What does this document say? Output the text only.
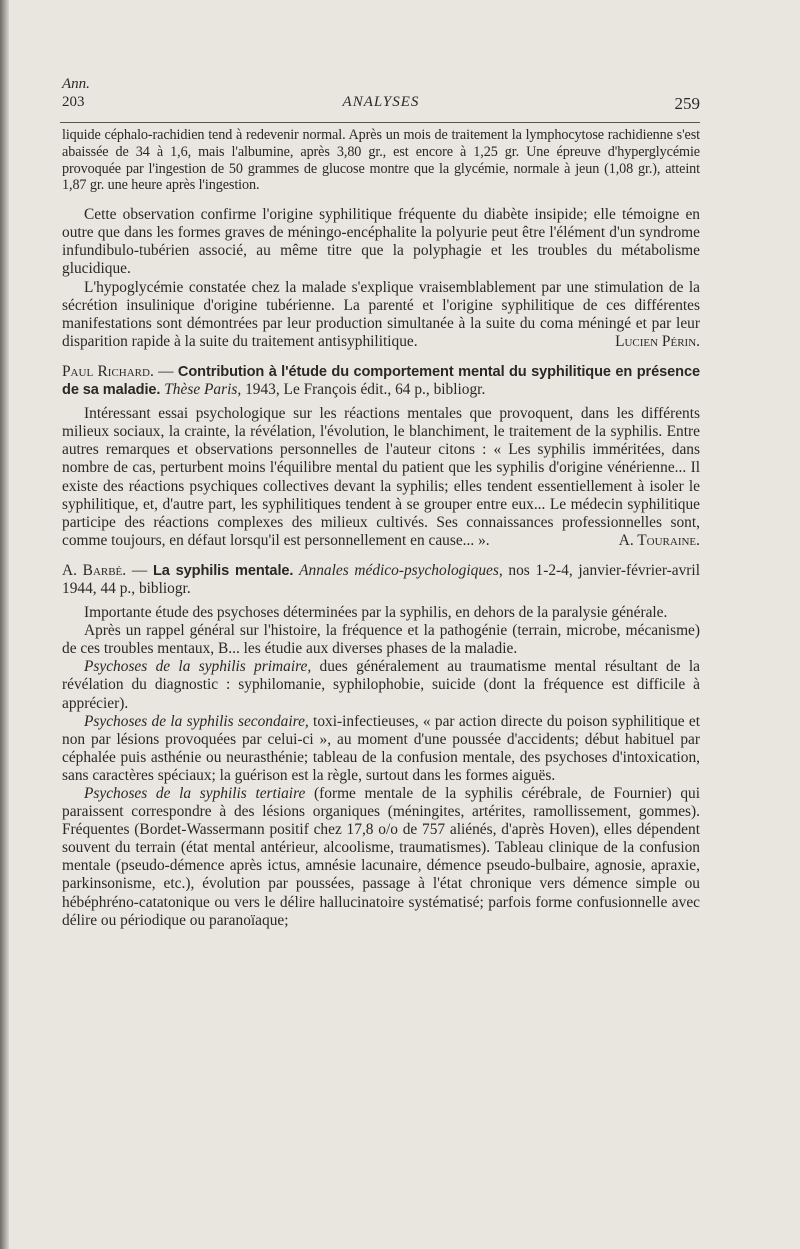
Ann.
203	ANALYSES	259

liquide céphalo-rachidien tend à redevenir normal. Après un mois de traitement la lymphocytose rachidienne s'est abaissée de 34 à 1,6, mais l'albumine, après 3,80 gr., est encore à 1,25 gr. Une épreuve d'hyperglycémie provoquée par l'ingestion de 50 grammes de glucose montre que la glycémie, normale à jeun (1,08 gr.), atteint 1,87 gr. une heure après l'ingestion.

Cette observation confirme l'origine syphilitique fréquente du diabète insipide; elle témoigne en outre que dans les formes graves de méningo-encéphalite la polyurie peut être l'élément d'un syndrome infundibulo-tubérien associé, au même titre que la polyphagie et les troubles du métabolisme glucidique.

L'hypoglycémie constatée chez la malade s'explique vraisemblablement par une stimulation de la sécrétion insulinique d'origine tubérienne. La parenté et l'origine syphilitique de ces différentes manifestations sont démontrées par leur production simultanée à la suite du coma méningé et par leur disparition rapide à la suite du traitement antisyphilitique.	Lucien Périn.

Paul Richard. — Contribution à l'étude du comportement mental du syphilitique en présence de sa maladie. Thèse Paris, 1943, Le François édit., 64 p., bibliogr.

Intéressant essai psychologique sur les réactions mentales que provoquent, dans les différents milieux sociaux, la crainte, la révélation, l'évolution, le blanchiment, le traitement de la syphilis. Entre autres remarques et observations personnelles de l'auteur citons : « Les syphilis imméritées, dans nombre de cas, perturbent moins l'équilibre mental du patient que les syphilis d'origine vénérienne... Il existe des réactions psychiques collectives devant la syphilis; elles tendent essentiellement à isoler le syphilitique, et, d'autre part, les syphilitiques tendent à se grouper entre eux... Le médecin syphilitique participe des réactions complexes des milieux cultivés. Ses connaissances professionnelles sont, comme toujours, en défaut lorsqu'il est personnellement en cause... ».	A. Touraine.

A. Barbé. — La syphilis mentale. Annales médico-psychologiques, nos 1-2-4, janvier-février-avril 1944, 44 p., bibliogr.

Importante étude des psychoses déterminées par la syphilis, en dehors de la paralysie générale.

Après un rappel général sur l'histoire, la fréquence et la pathogénie (terrain, microbe, mécanisme) de ces troubles mentaux, B... les étudie aux diverses phases de la maladie.

Psychoses de la syphilis primaire, dues généralement au traumatisme mental résultant de la révélation du diagnostic : syphilomanie, syphilophobie, suicide (dont la fréquence est difficile à apprécier).

Psychoses de la syphilis secondaire, toxi-infectieuses, « par action directe du poison syphilitique et non par lésions provoquées par celui-ci », au moment d'une poussée d'accidents; début habituel par céphalée puis asthénie ou neurasthénie; tableau de la confusion mentale, des psychoses d'intoxication, sans caractères spéciaux; la guérison est la règle, surtout dans les formes aiguës.

Psychoses de la syphilis tertiaire (forme mentale de la syphilis cérébrale, de Fournier) qui paraissent correspondre à des lésions organiques (méningites, artérites, ramollissement, gommes). Fréquentes (Bordet-Wassermann positif chez 17,8 o/o de 757 aliénés, d'après Hoven), elles dépendent souvent du terrain (état mental antérieur, alcoolisme, traumatismes). Tableau clinique de la confusion mentale (pseudo-démence après ictus, amnésie lacunaire, démence pseudo-bulbaire, agnosie, apraxie, parkinsonisme, etc.), évolution par poussées, passage à l'état chronique vers démence simple ou hébéphréno-catatonique ou vers le délire hallucinatoire systématisé; parfois forme confusionnelle avec délire ou périodique ou paranoïaque;
